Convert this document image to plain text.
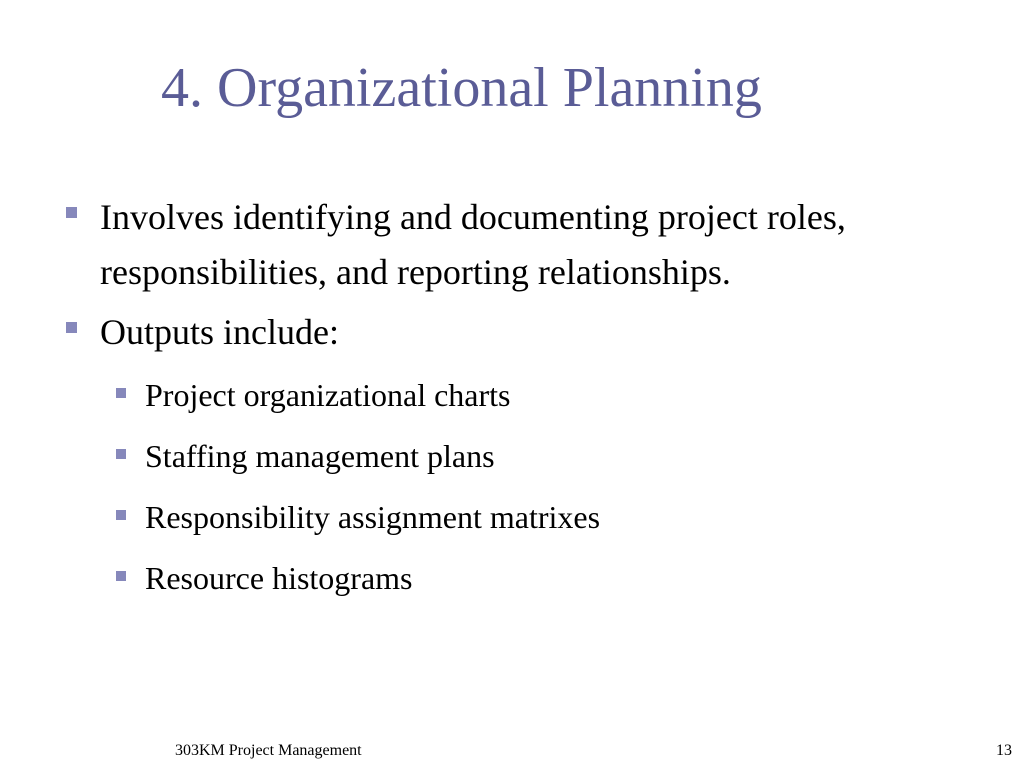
4. Organizational Planning
Involves identifying and documenting project roles, responsibilities, and reporting relationships.
Outputs include:
Project organizational charts
Staffing management plans
Responsibility assignment matrixes
Resource histograms
303KM Project Management	13
